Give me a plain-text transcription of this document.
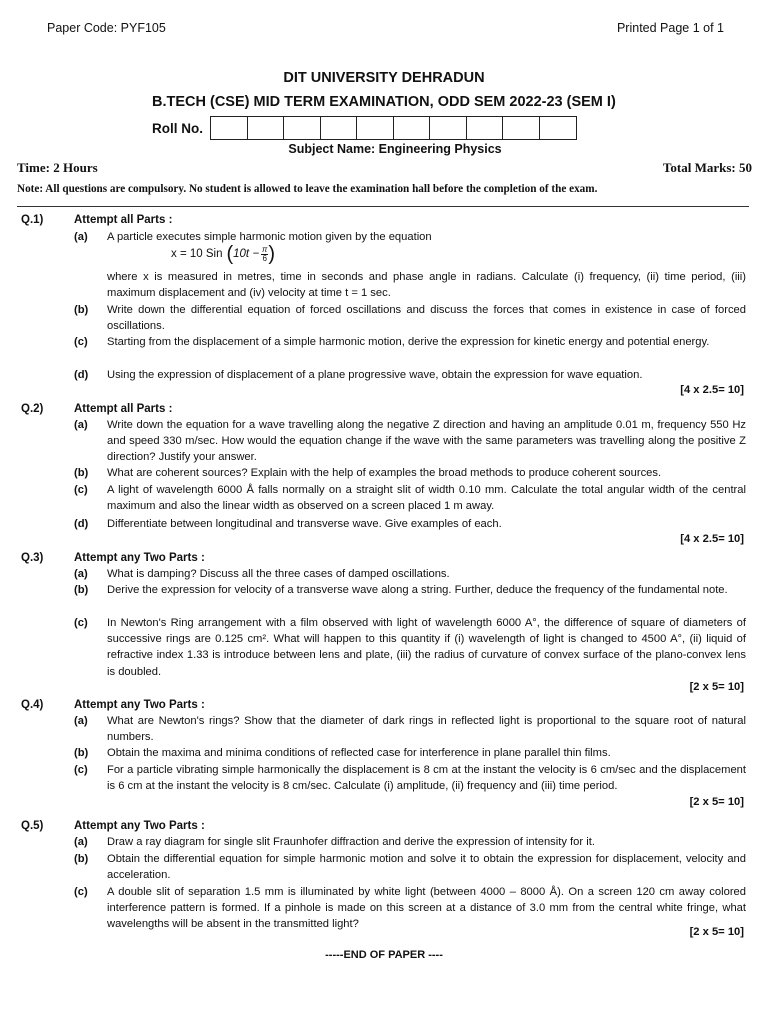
Paper Code: PYF105	Printed Page 1 of 1
DIT UNIVERSITY DEHRADUN
B.TECH (CSE) MID TERM EXAMINATION, ODD SEM 2022-23 (SEM I)
Roll No.
Subject Name: Engineering Physics
Time: 2 Hours	Total Marks: 50
Note: All questions are compulsory. No student is allowed to leave the examination hall before the completion of the exam.
Q.1)	Attempt all Parts :
(a) A particle executes simple harmonic motion given by the equation
x = 10 Sin ( $10t - \frac{\pi}{6}$ )
where x is measured in metres, time in seconds and phase angle in radians. Calculate (i) frequency, (ii) time period, (iii) maximum displacement and (iv) velocity at time t = 1 sec.
(b) Write down the differential equation of forced oscillations and discuss the forces that comes in existence in case of forced oscillations.
(c) Starting from the displacement of a simple harmonic motion, derive the expression for kinetic energy and potential energy.
(d) Using the expression of displacement of a plane progressive wave, obtain the expression for wave equation.
[4 x 2.5= 10]
Q.2)	Attempt all Parts :
(a) Write down the equation for a wave travelling along the negative Z direction and having an amplitude 0.01 m, frequency 550 Hz and speed 330 m/sec. How would the equation change if the wave with the same parameters was travelling along the positive Z direction? Justify your answer.
(b) What are coherent sources? Explain with the help of examples the broad methods to produce coherent sources.
(c) A light of wavelength 6000 Å falls normally on a straight slit of width 0.10 mm. Calculate the total angular width of the central maximum and also the linear width as observed on a screen placed 1 m away.
(d) Differentiate between longitudinal and transverse wave. Give examples of each.
[4 x 2.5= 10]
Q.3)	Attempt any Two Parts :
(a) What is damping? Discuss all the three cases of damped oscillations.
(b) Derive the expression for velocity of a transverse wave along a string. Further, deduce the frequency of the fundamental note.
(c) In Newton's Ring arrangement with a film observed with light of wavelength 6000 A°, the difference of square of diameters of successive rings are 0.125 cm². What will happen to this quantity if (i) wavelength of light is changed to 4500 A°, (ii) liquid of refractive index 1.33 is introduce between lens and plate, (iii) the radius of curvature of convex surface of the plano-convex lens is doubled.
[2 x 5= 10]
Q.4)	Attempt any Two Parts :
(a) What are Newton's rings? Show that the diameter of dark rings in reflected light is proportional to the square root of natural numbers.
(b) Obtain the maxima and minima conditions of reflected case for interference in plane parallel thin films.
(c) For a particle vibrating simple harmonically the displacement is 8 cm at the instant the velocity is 6 cm/sec and the displacement is 6 cm at the instant the velocity is 8 cm/sec. Calculate (i) amplitude, (ii) frequency and (iii) time period.
[2 x 5= 10]
Q.5)	Attempt any Two Parts :
(a) Draw a ray diagram for single slit Fraunhofer diffraction and derive the expression of intensity for it.
(b) Obtain the differential equation for simple harmonic motion and solve it to obtain the expression for displacement, velocity and acceleration.
(c) A double slit of separation 1.5 mm is illuminated by white light (between 4000 – 8000 Å). On a screen 120 cm away colored interference pattern is formed. If a pinhole is made on this screen at a distance of 3.0 mm from the central white fringe, what wavelengths will be absent in the transmitted light?
[2 x 5= 10]
-----END OF PAPER ----
